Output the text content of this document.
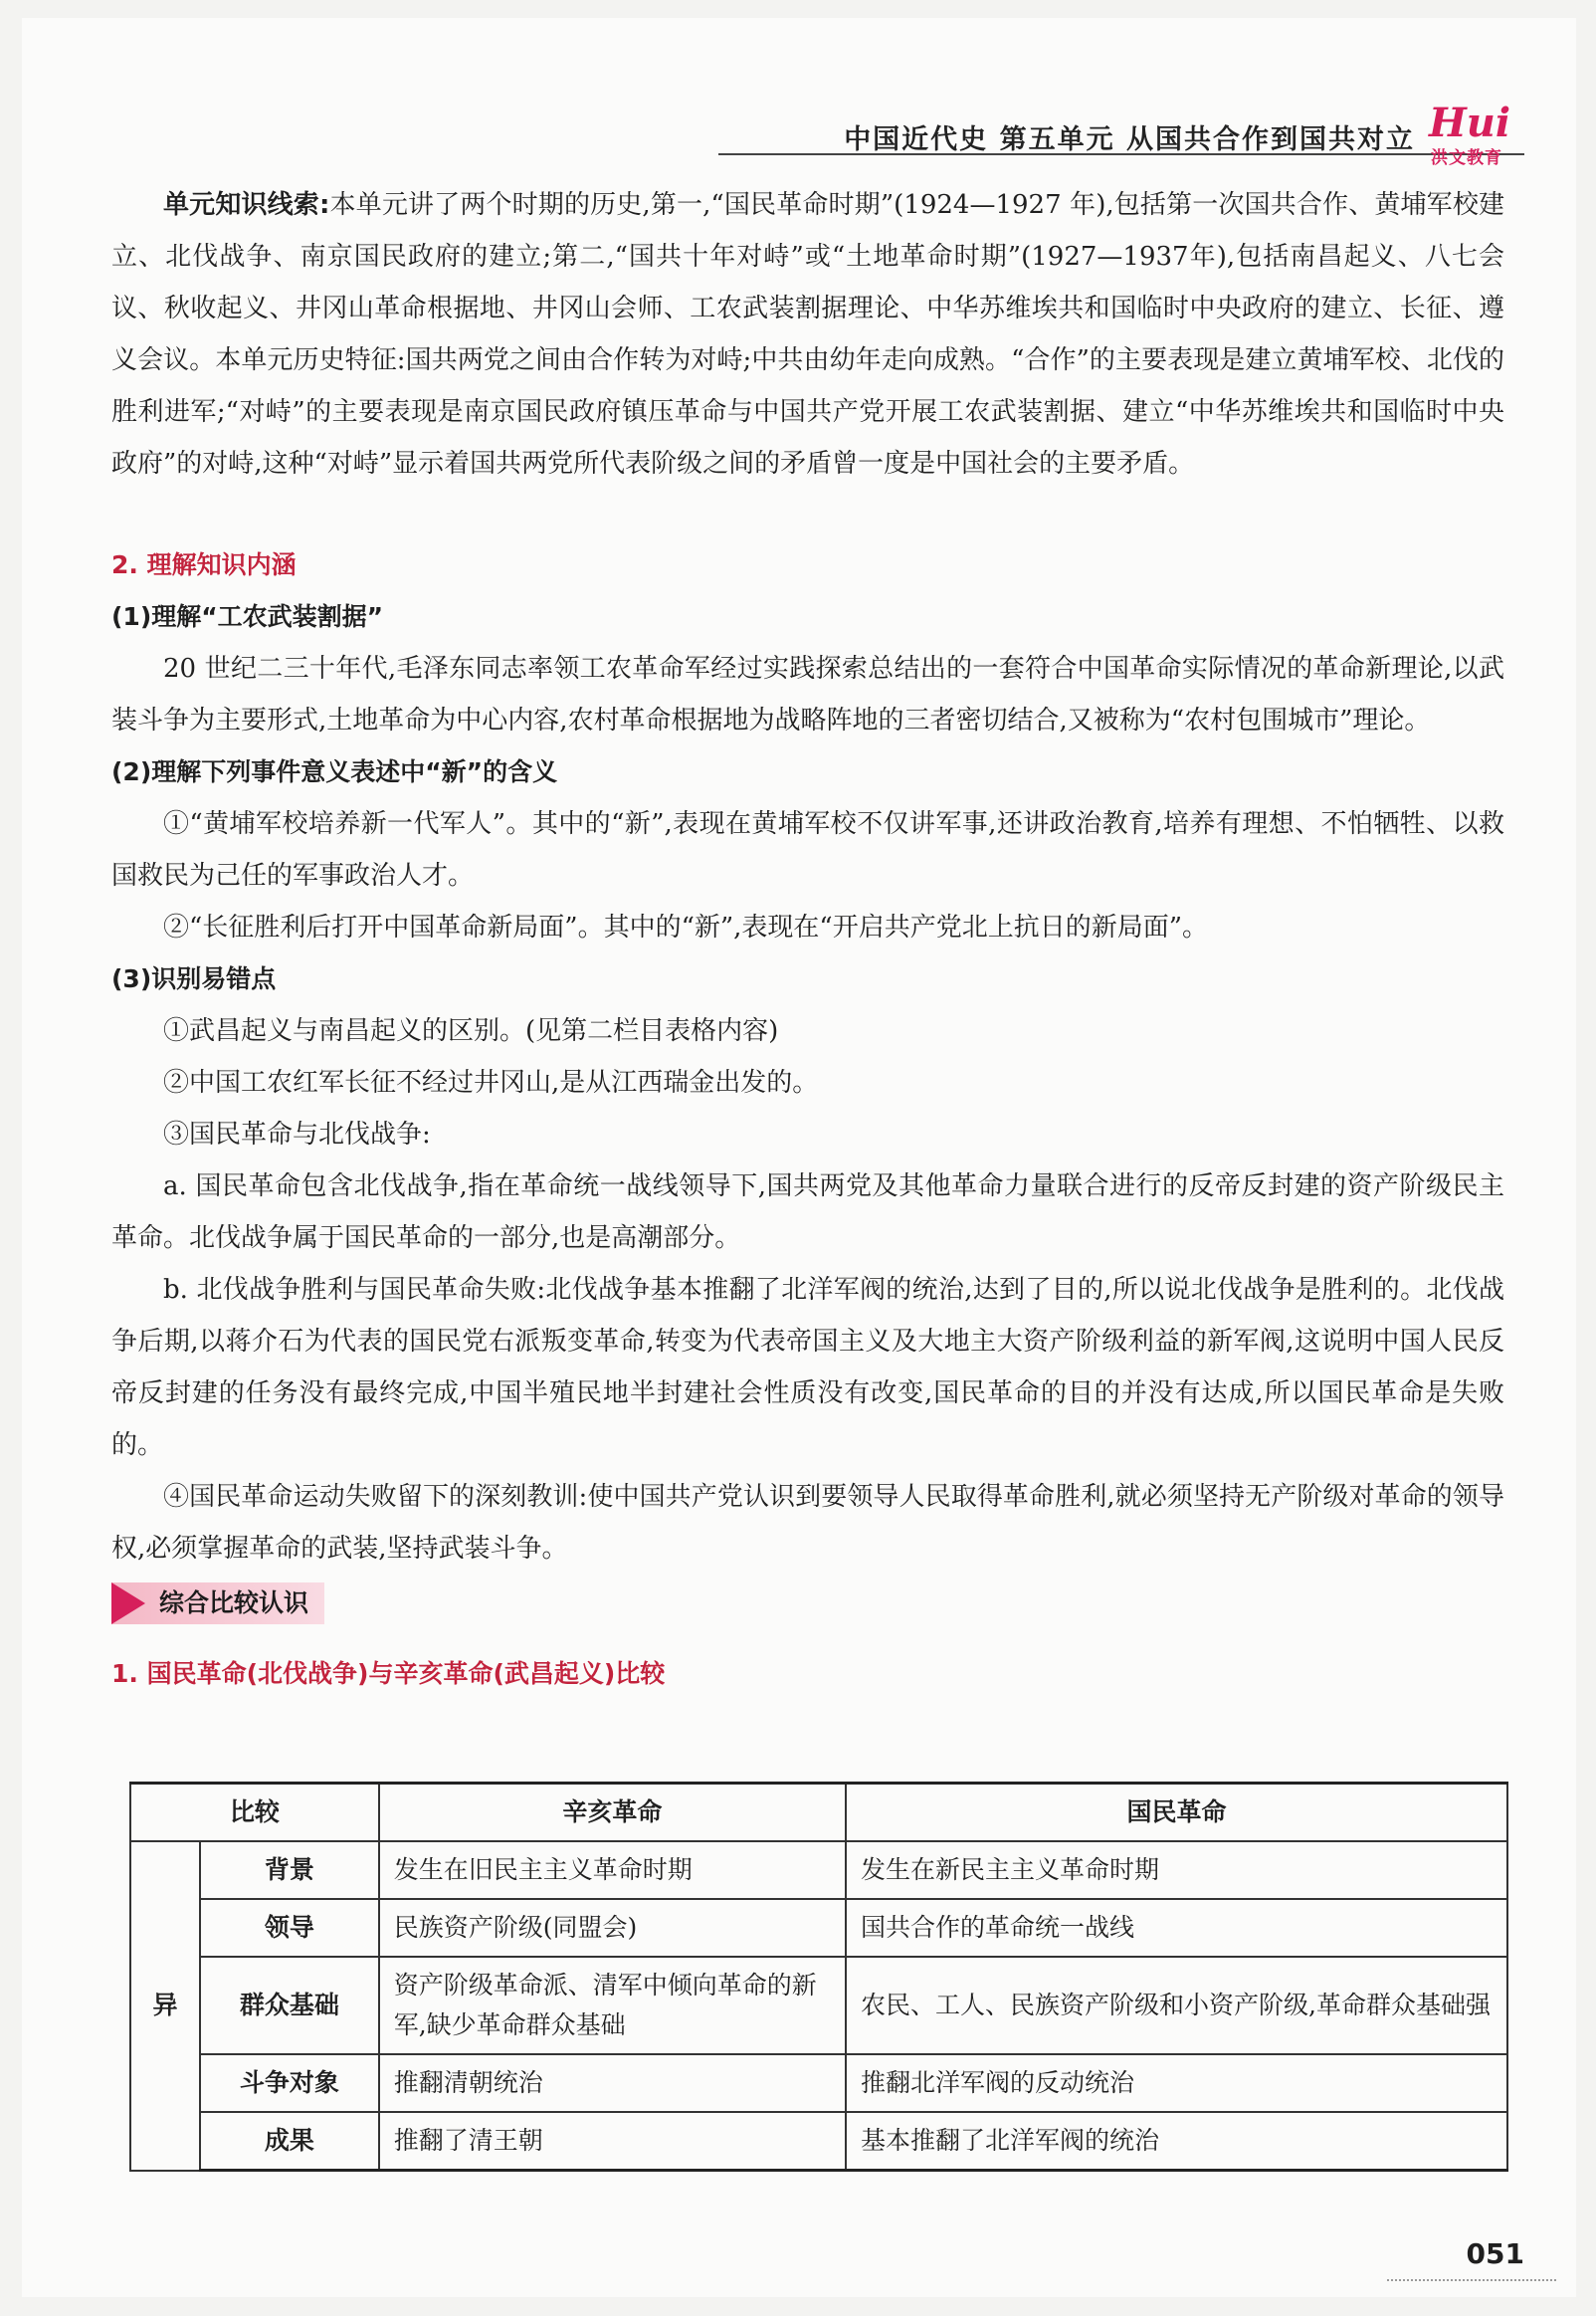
中国近代史 第五单元 从国共合作到国共对立 Hui
洪文教育

单元知识线索:本单元讲了两个时期的历史,第一,“国民革命时期”(1924—1927 年),包括第一次国共合作、黄埔军校建立、北伐战争、南京国民政府的建立;第二,“国共十年对峙”或“土地革命时期”(1927—1937年),包括南昌起义、八七会议、秋收起义、井冈山革命根据地、井冈山会师、工农武装割据理论、中华苏维埃共和国临时中央政府的建立、长征、遵义会议。本单元历史特征:国共两党之间由合作转为对峙;中共由幼年走向成熟。“合作”的主要表现是建立黄埔军校、北伐的胜利进军;“对峙”的主要表现是南京国民政府镇压革命与中国共产党开展工农武装割据、建立“中华苏维埃共和国临时中央政府”的对峙,这种“对峙”显示着国共两党所代表阶级之间的矛盾曾一度是中国社会的主要矛盾。

2. 理解知识内涵
(1)理解“工农武装割据”

20 世纪二三十年代,毛泽东同志率领工农革命军经过实践探索总结出的一套符合中国革命实际情况的革命新理论,以武装斗争为主要形式,土地革命为中心内容,农村革命根据地为战略阵地的三者密切结合,又被称为“农村包围城市”理论。

(2)理解下列事件意义表述中“新”的含义

①“黄埔军校培养新一代军人”。其中的“新”,表现在黄埔军校不仅讲军事,还讲政治教育,培养有理想、不怕牺牲、以救国救民为己任的军事政治人才。

②“长征胜利后打开中国革命新局面”。其中的“新”,表现在“开启共产党北上抗日的新局面”。

(3)识别易错点

①武昌起义与南昌起义的区别。(见第二栏目表格内容)

②中国工农红军长征不经过井冈山,是从江西瑞金出发的。

③国民革命与北伐战争:

a. 国民革命包含北伐战争,指在革命统一战线领导下,国共两党及其他革命力量联合进行的反帝反封建的资产阶级民主革命。北伐战争属于国民革命的一部分,也是高潮部分。

b. 北伐战争胜利与国民革命失败:北伐战争基本推翻了北洋军阀的统治,达到了目的,所以说北伐战争是胜利的。北伐战争后期,以蒋介石为代表的国民党右派叛变革命,转变为代表帝国主义及大地主大资产阶级利益的新军阀,这说明中国人民反帝反封建的任务没有最终完成,中国半殖民地半封建社会性质没有改变,国民革命的目的并没有达成,所以国民革命是失败的。

④国民革命运动失败留下的深刻教训:使中国共产党认识到要领导人民取得革命胜利,就必须坚持无产阶级对革命的领导权,必须掌握革命的武装,坚持武装斗争。

综合比较认识
1. 国民革命(北伐战争)与辛亥革命(武昌起义)比较
比较		辛亥革命	国民革命
异	背景	发生在旧民主主义革命时期	发生在新民主主义革命时期
	领导	民族资产阶级(同盟会)	国共合作的革命统一战线
	群众基础	资产阶级革命派、清军中倾向革命的新军,缺少革命群众基础	农民、工人、民族资产阶级和小资产阶级,革命群众基础强
	斗争对象	推翻清朝统治	推翻北洋军阀的反动统治
	成果	推翻了清王朝	基本推翻了北洋军阀的统治
051
